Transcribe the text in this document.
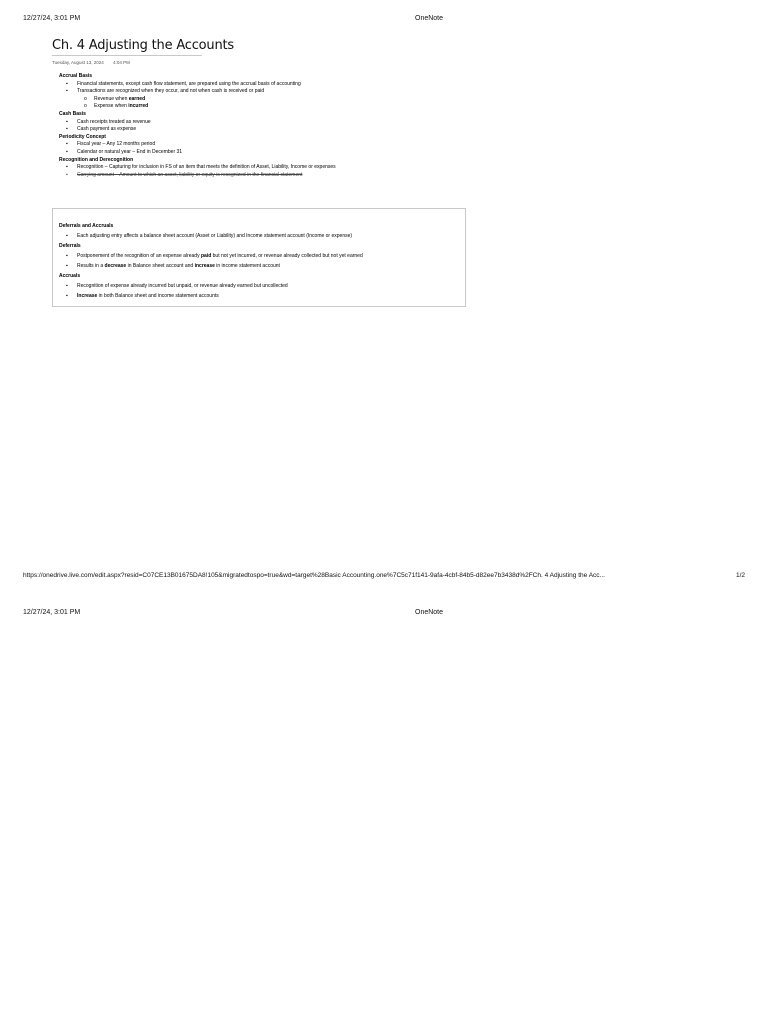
12/27/24, 3:01 PM	OneNote
Ch. 4 Adjusting the Accounts
Tuesday, August 13, 2024 4:04 PM
Accrual Basis
▪ Financial statements, except cash flow statement, are prepared using the accrual basis of accounting
▪ Transactions are recognized when they occur, and not when cash is received or paid
o Revenue when earned
o Expense when incurred
Cash Basis
▪ Cash receipts treated as revenue
▪ Cash payment as expense
Periodicity Concept
▪ Fiscal year – Any 12 months period
▪ Calendar or natural year – End in December 31
Recognition and Derecognition
▪ Recognition – Capturing for inclusion in FS of an item that meets the definition of Asset, Liability, Income or expenses
▪ Carrying amount – Amount to which an asset, liability or equity is recognized in the financial statement
Deferrals and Accruals
▪ Each adjusting entry affects a balance sheet account (Asset or Liability) and Income statement account (Income or expense)
Deferrals
▪ Postponement of the recognition of an expense already paid but not yet incurred, or revenue already collected but not yet earned
▪ Results in a decrease in Balance sheet account and increase in income statement account
Accruals
▪ Recognition of expense already incurred but unpaid, or revenue already earned but uncollected
▪ Increase in both Balance sheet and income statement accounts
https://onedrive.live.com/edit.aspx?resid=C07CE13B01675DA8!105&migratedtospo=true&wd=target%28Basic Accounting.one%7C5c71f141-9afa-4cbf-84b5-d82ee7b3438d%2FCh. 4 Adjusting the Acc...	1/2
12/27/24, 3:01 PM	OneNote
